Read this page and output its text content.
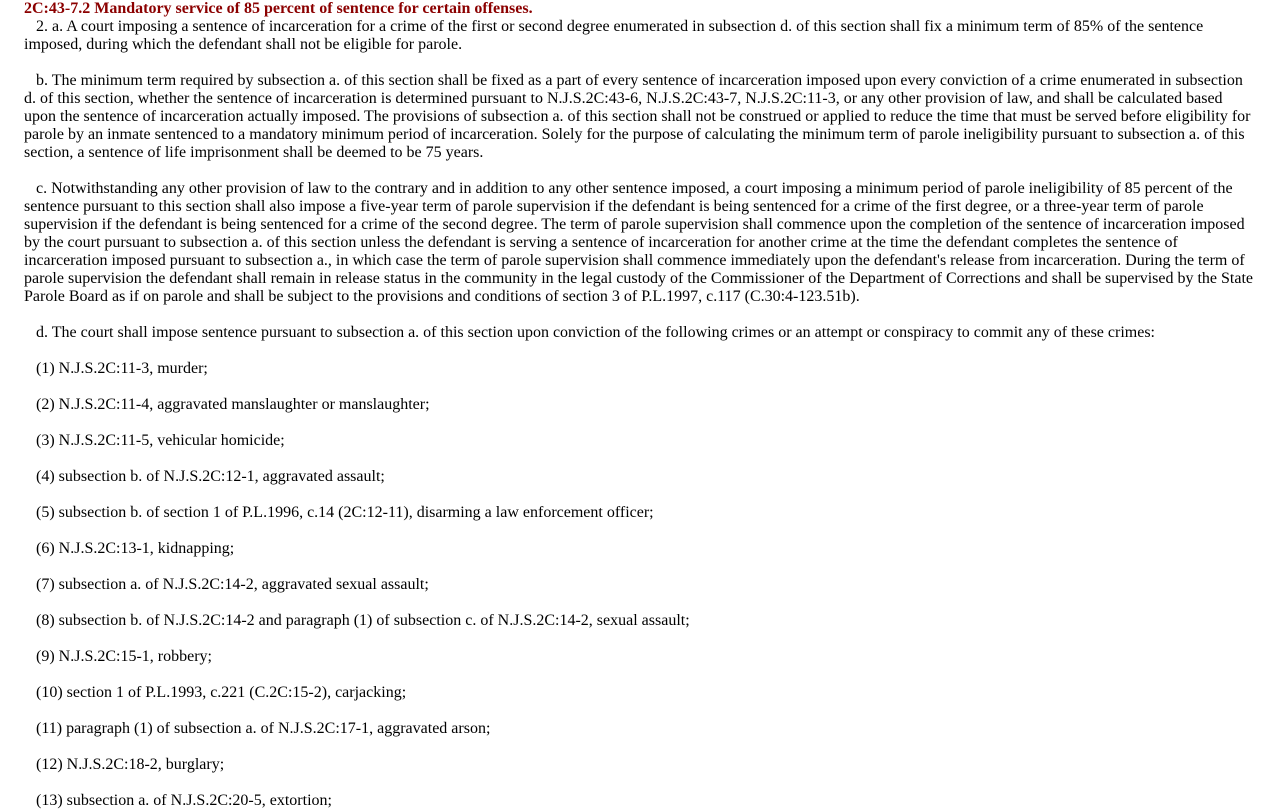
2C:43-7.2 Mandatory service of 85 percent of sentence for certain offenses.

2. a. A court imposing a sentence of incarceration for a crime of the first or second degree enumerated in subsection d. of this section shall fix a minimum term of 85% of the sentence imposed, during which the defendant shall not be eligible for parole.

b. The minimum term required by subsection a. of this section shall be fixed as a part of every sentence of incarceration imposed upon every conviction of a crime enumerated in subsection d. of this section, whether the sentence of incarceration is determined pursuant to N.J.S.2C:43-6, N.J.S.2C:43-7, N.J.S.2C:11-3, or any other provision of law, and shall be calculated based upon the sentence of incarceration actually imposed. The provisions of subsection a. of this section shall not be construed or applied to reduce the time that must be served before eligibility for parole by an inmate sentenced to a mandatory minimum period of incarceration. Solely for the purpose of calculating the minimum term of parole ineligibility pursuant to subsection a. of this section, a sentence of life imprisonment shall be deemed to be 75 years.

c. Notwithstanding any other provision of law to the contrary and in addition to any other sentence imposed, a court imposing a minimum period of parole ineligibility of 85 percent of the sentence pursuant to this section shall also impose a five-year term of parole supervision if the defendant is being sentenced for a crime of the first degree, or a three-year term of parole supervision if the defendant is being sentenced for a crime of the second degree. The term of parole supervision shall commence upon the completion of the sentence of incarceration imposed by the court pursuant to subsection a. of this section unless the defendant is serving a sentence of incarceration for another crime at the time the defendant completes the sentence of incarceration imposed pursuant to subsection a., in which case the term of parole supervision shall commence immediately upon the defendant's release from incarceration. During the term of parole supervision the defendant shall remain in release status in the community in the legal custody of the Commissioner of the Department of Corrections and shall be supervised by the State Parole Board as if on parole and shall be subject to the provisions and conditions of section 3 of P.L.1997, c.117 (C.30:4-123.51b).

d. The court shall impose sentence pursuant to subsection a. of this section upon conviction of the following crimes or an attempt or conspiracy to commit any of these crimes:

(1) N.J.S.2C:11-3, murder;

(2) N.J.S.2C:11-4, aggravated manslaughter or manslaughter;

(3) N.J.S.2C:11-5, vehicular homicide;

(4) subsection b. of N.J.S.2C:12-1, aggravated assault;

(5) subsection b. of section 1 of P.L.1996, c.14 (2C:12-11), disarming a law enforcement officer;

(6) N.J.S.2C:13-1, kidnapping;

(7) subsection a. of N.J.S.2C:14-2, aggravated sexual assault;

(8) subsection b. of N.J.S.2C:14-2 and paragraph (1) of subsection c. of N.J.S.2C:14-2, sexual assault;

(9) N.J.S.2C:15-1, robbery;

(10) section 1 of P.L.1993, c.221 (C.2C:15-2), carjacking;

(11) paragraph (1) of subsection a. of N.J.S.2C:17-1, aggravated arson;

(12) N.J.S.2C:18-2, burglary;

(13) subsection a. of N.J.S.2C:20-5, extortion;
